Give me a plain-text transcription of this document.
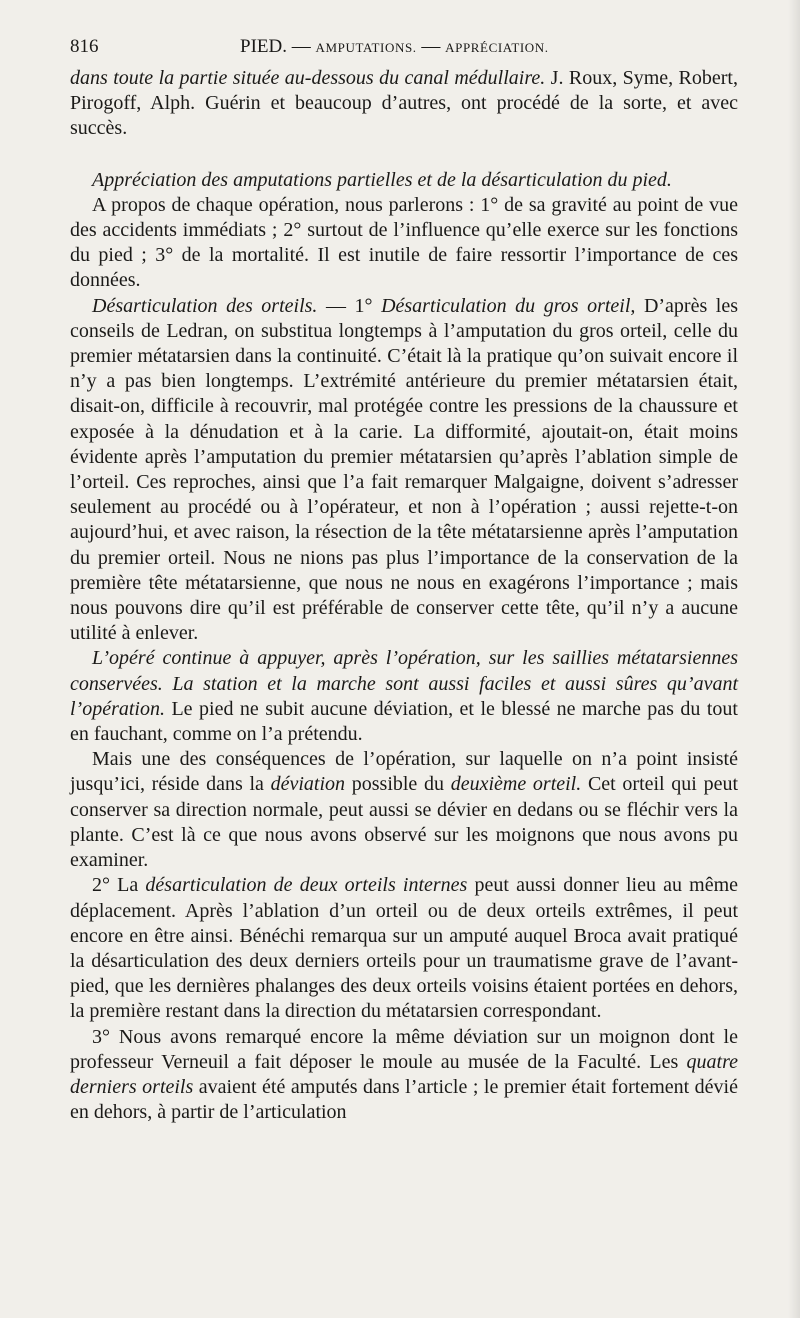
816	PIED. — AMPUTATIONS. — APPRÉCIATION.

dans toute la partie située au-dessous du canal médullaire. J. Roux, Syme, Robert, Pirogoff, Alph. Guérin et beaucoup d’autres, ont procédé de la sorte, et avec succès.

Appréciation des amputations partielles et de la désarticulation du pied.

A propos de chaque opération, nous parlerons : 1° de sa gravité au point de vue des accidents immédiats ; 2° surtout de l’influence qu’elle exerce sur les fonctions du pied ; 3° de la mortalité. Il est inutile de faire ressortir l’importance de ces données.

Désarticulation des orteils. — 1° Désarticulation du gros orteil, D’après les conseils de Ledran, on substitua longtemps à l’amputation du gros orteil, celle du premier métatarsien dans la continuité. C’était là la pratique qu’on suivait encore il n’y a pas bien longtemps. L’extrémité antérieure du premier métatarsien était, disait-on, difficile à recouvrir, mal protégée contre les pressions de la chaussure et exposée à la dénudation et à la carie. La difformité, ajoutait-on, était moins évidente après l’amputation du premier métatarsien qu’après l’ablation simple de l’orteil. Ces reproches, ainsi que l’a fait remarquer Malgaigne, doivent s’adresser seulement au procédé ou à l’opérateur, et non à l’opération ; aussi rejette-t-on aujourd’hui, et avec raison, la résection de la tête métatarsienne après l’amputation du premier orteil. Nous ne nions pas plus l’importance de la conservation de la première tête métatarsienne, que nous ne nous en exagérons l’importance ; mais nous pouvons dire qu’il est préférable de conserver cette tête, qu’il n’y a aucune utilité à enlever.

L’opéré continue à appuyer, après l’opération, sur les saillies métatarsiennes conservées. La station et la marche sont aussi faciles et aussi sûres qu’avant l’opération. Le pied ne subit aucune déviation, et le blessé ne marche pas du tout en fauchant, comme on l’a prétendu.

Mais une des conséquences de l’opération, sur laquelle on n’a point insisté jusqu’ici, réside dans la déviation possible du deuxième orteil. Cet orteil qui peut conserver sa direction normale, peut aussi se dévier en dedans ou se fléchir vers la plante. C’est là ce que nous avons observé sur les moignons que nous avons pu examiner.

2° La désarticulation de deux orteils internes peut aussi donner lieu au même déplacement. Après l’ablation d’un orteil ou de deux orteils extrêmes, il peut encore en être ainsi. Bénéchi remarqua sur un amputé auquel Broca avait pratiqué la désarticulation des deux derniers orteils pour un traumatisme grave de l’avant-pied, que les dernières phalanges des deux orteils voisins étaient portées en dehors, la première restant dans la direction du métatarsien correspondant.

3° Nous avons remarqué encore la même déviation sur un moignon dont le professeur Verneuil a fait déposer le moule au musée de la Faculté. Les quatre derniers orteils avaient été amputés dans l’article ; le premier était fortement dévié en dehors, à partir de l’articulation
